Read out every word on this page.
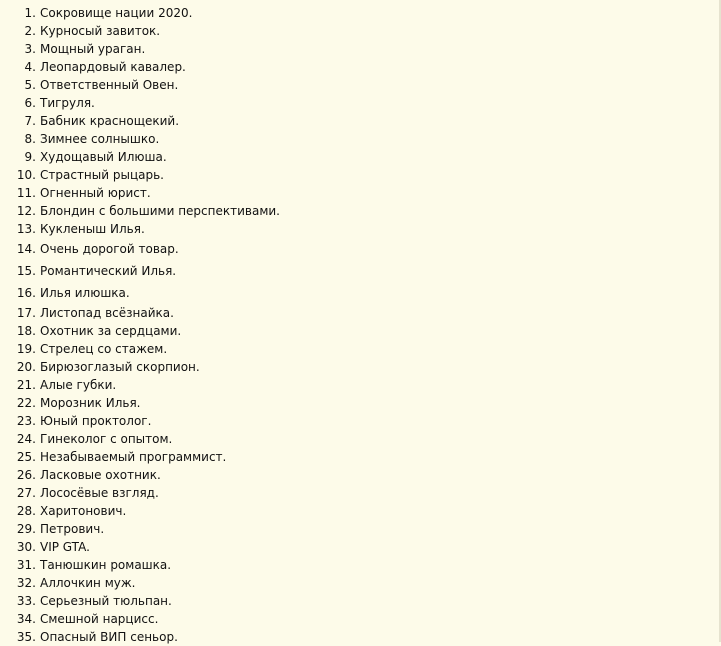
1. Сокровище нации 2020.
2. Курносый завиток.
3. Мощный ураган.
4. Леопардовый кавалер.
5. Ответственный Овен.
6. Тигруля.
7. Бабник краснощекий.
8. Зимнее солнышко.
9. Худощавый Илюша.
10. Страстный рыцарь.
11. Огненный юрист.
12. Блондин с большими перспективами.
13. Кукленыш Илья.
14. Очень дорогой товар.
15. Романтический Илья.
16. Илья илюшка.
17. Листопад всёзнайка.
18. Охотник за сердцами.
19. Стрелец со стажем.
20. Бирюзоглазый скорпион.
21. Алые губки.
22. Морозник Илья.
23. Юный проктолог.
24. Гинеколог с опытом.
25. Незабываемый программист.
26. Ласковые охотник.
27. Лососёвые взгляд.
28. Харитонович.
29. Петрович.
30. VIP GTA.
31. Танюшкин ромашка.
32. Аллочкин муж.
33. Серьезный тюльпан.
34. Смешной нарцисс.
35. Опасный ВИП сеньор.
